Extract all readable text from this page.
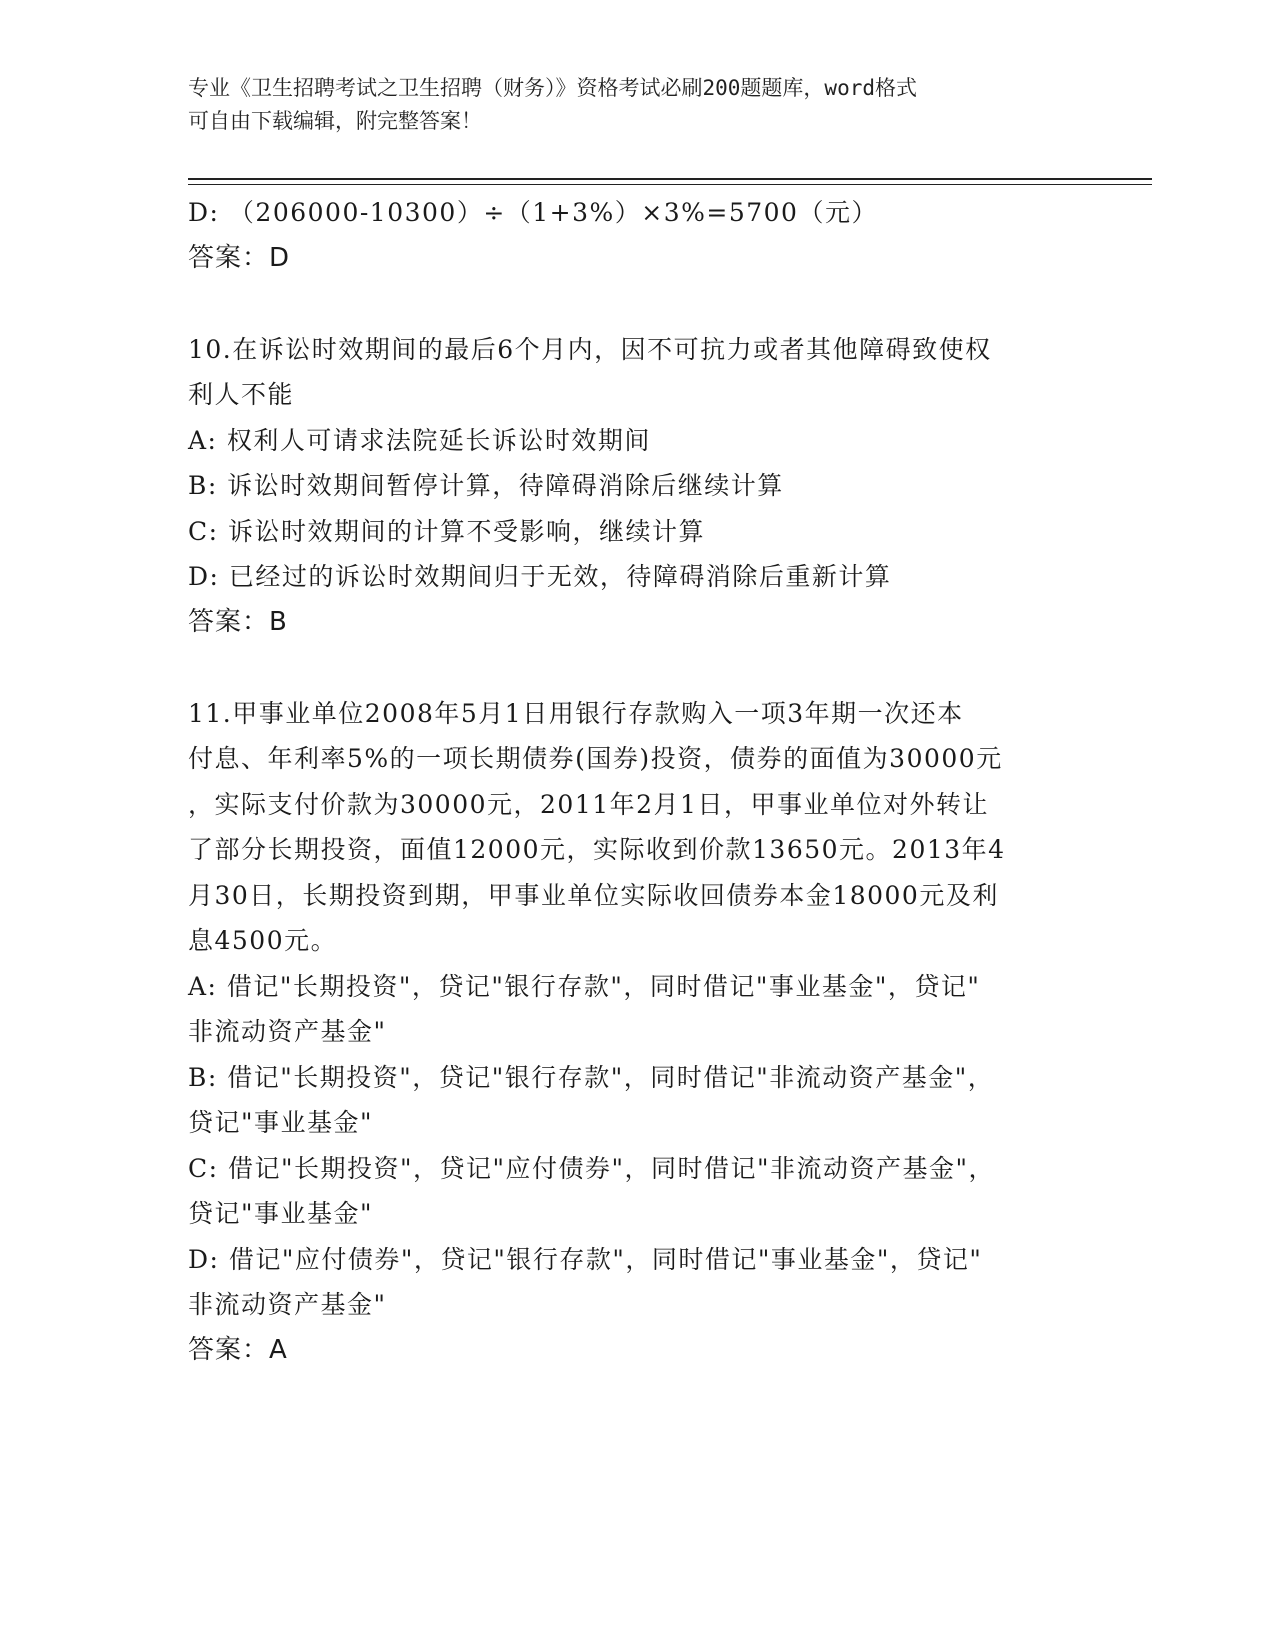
专业《卫生招聘考试之卫生招聘（财务）》资格考试必刷200题题库，word格式
可自由下载编辑，附完整答案！
D: （206000-10300）÷（1+3%）×3%=5700（元）
答案：D
10.在诉讼时效期间的最后6个月内，因不可抗力或者其他障碍致使权
利人不能
A: 权利人可请求法院延长诉讼时效期间
B: 诉讼时效期间暂停计算，待障碍消除后继续计算
C: 诉讼时效期间的计算不受影响，继续计算
D: 已经过的诉讼时效期间归于无效，待障碍消除后重新计算
答案：B
11.甲事业单位2008年5月1日用银行存款购入一项3年期一次还本
付息、年利率5%的一项长期债券(国券)投资，债券的面值为30000元
，实际支付价款为30000元，2011年2月1日，甲事业单位对外转让
了部分长期投资，面值12000元，实际收到价款13650元。2013年4
月30日，长期投资到期，甲事业单位实际收回债券本金18000元及利
息4500元。
A: 借记"长期投资"，贷记"银行存款"，同时借记"事业基金"，贷记"
非流动资产基金"
B: 借记"长期投资"，贷记"银行存款"，同时借记"非流动资产基金"，
贷记"事业基金"
C: 借记"长期投资"，贷记"应付债券"，同时借记"非流动资产基金"，
贷记"事业基金"
D: 借记"应付债券"，贷记"银行存款"，同时借记"事业基金"，贷记"
非流动资产基金"
答案：A
